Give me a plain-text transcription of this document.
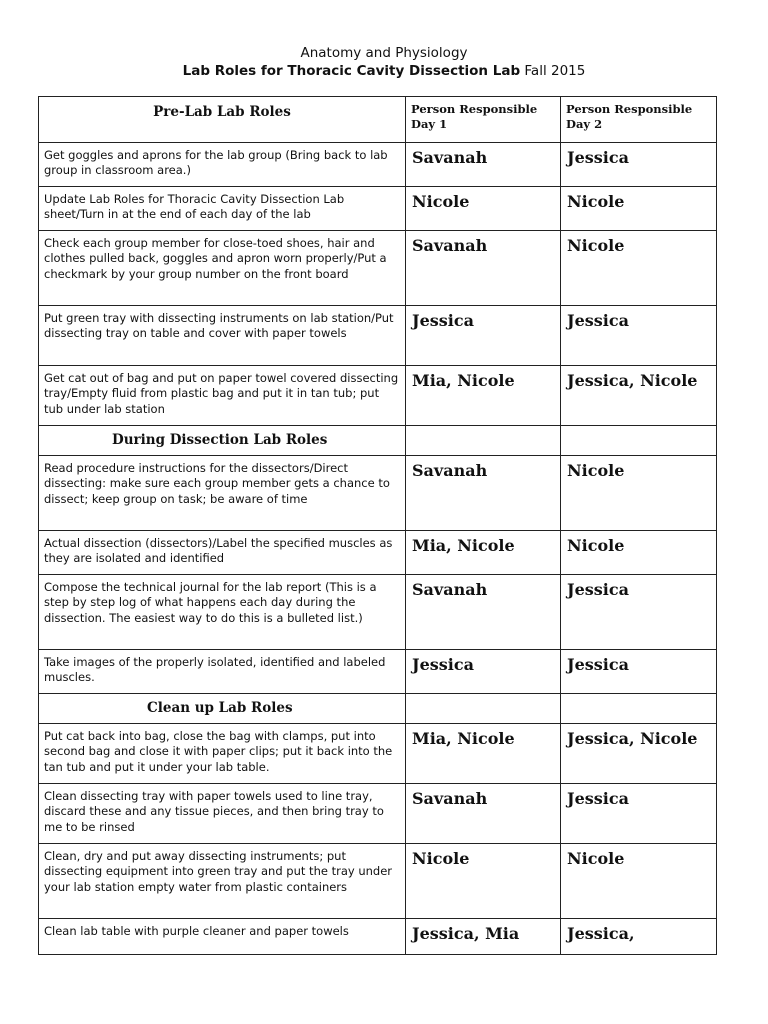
Anatomy and Physiology
Lab Roles for Thoracic Cavity Dissection Lab Fall 2015
Pre-Lab Lab Roles	Person Responsible Day 1	Person Responsible Day 2
Get goggles and aprons for the lab group (Bring back to lab group in classroom area.)	Savanah	Jessica
Update Lab Roles for Thoracic Cavity Dissection Lab sheet/Turn in at the end of each day of the lab	Nicole	Nicole
Check each group member for close-toed shoes, hair and clothes pulled back, goggles and apron worn properly/Put a checkmark by your group number on the front board	Savanah	Nicole
Put green tray with dissecting instruments on lab station/Put dissecting tray on table and cover with paper towels	Jessica	Jessica
Get cat out of bag and put on paper towel covered dissecting tray/Empty fluid from plastic bag and put it in tan tub; put tub under lab station	Mia, Nicole	Jessica, Nicole
During Dissection Lab Roles		
Read procedure instructions for the dissectors/Direct dissecting: make sure each group member gets a chance to dissect; keep group on task; be aware of time	Savanah	Nicole
Actual dissection (dissectors)/Label the specified muscles as they are isolated and identified	Mia, Nicole	Nicole
Compose the technical journal for the lab report (This is a step by step log of what happens each day during the dissection. The easiest way to do this is a bulleted list.)	Savanah	Jessica
Take images of the properly isolated, identified and labeled muscles.	Jessica	Jessica
Clean up Lab Roles		
Put cat back into bag, close the bag with clamps, put into second bag and close it with paper clips; put it back into the tan tub and put it under your lab table.	Mia, Nicole	Jessica, Nicole
Clean dissecting tray with paper towels used to line tray, discard these and any tissue pieces, and then bring tray to me to be rinsed	Savanah	Jessica
Clean, dry and put away dissecting instruments; put dissecting equipment into green tray and put the tray under your lab station empty water from plastic containers	Nicole	Nicole
Clean lab table with purple cleaner and paper towels	Jessica, Mia	Jessica,
